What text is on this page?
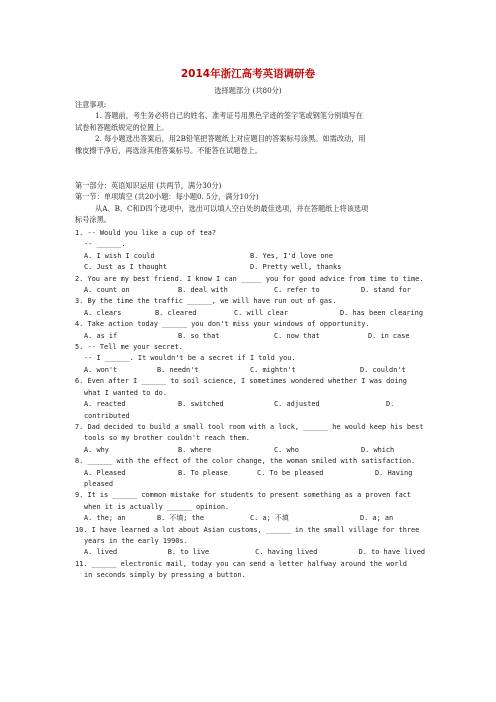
2014年浙江高考英语调研卷
选择题部分 (共80分)
注意事项:
1. 答题前，考生务必将自己的姓名、准考证号用黑色字迹的签字笔或钢笔分别填写在
试卷和答题纸规定的位置上。
2. 每小题选出答案后，用2B铅笔把答题纸上对应题目的答案标号涂黑。如需改动，用
橡皮擦干净后，再选涂其他答案标号。不能答在试题卷上。
第一部分：英语知识运用 (共两节，满分30分)
第一节：单项填空 (共20小题：每小题0. 5分，满分10分)
从A、B、C和D四个选项中，选出可以填入空白处的最佳选项，并在答题纸上将该选项
标号涂黑。
1. -- Would you like a cup of tea?
-- ______.
A. I wish I could	B. Yes, I'd love one
C. Just as I thought	D. Pretty well, thanks
2. You are my best friend. I know I can _____ you for good advice from time to time.
A. count on	B. deal with	C. refer to	D. stand for
3. By the time the traffic ______, we will have run out of gas.
A. clears	B. cleared	C. will clear	D. has been clearing
4. Take action today ______ you don't miss your windows of opportunity.
A. as if	B. so that	C. now that	D. in case
5. -- Tell me your secret.
-- I ______. It wouldn't be a secret if I told you.
A. won't	B. needn't	C. mightn't	D. couldn't
6. Even after I ______ to soil science, I sometimes wondered whether I was doing
what I wanted to do.
A. reacted	B. switched	C. adjusted	D.
contributed
7. Dad decided to build a small tool room with a lock, ______ he would keep his best
tools so my brother couldn't reach them.
A. why	B. where	C. who	D. which
8. ______ with the effect of the color change, the woman smiled with satisfaction.
A. Pleased	B. To please	C. To be pleased	D. Having
pleased
9. It is ______ common mistake for students to present something as a proven fact
when it is actually ______ opinion.
A. the; an	B. 不填; the	C. a; 不填	D. a; an
10. I have learned a lot about Asian customs, ______ in the small village for three
years in the early 1990s.
A. lived	B. to live	C. having lived	D. to have lived
11. ______ electronic mail, today you can send a letter halfway around the world
in seconds simply by pressing a button.
